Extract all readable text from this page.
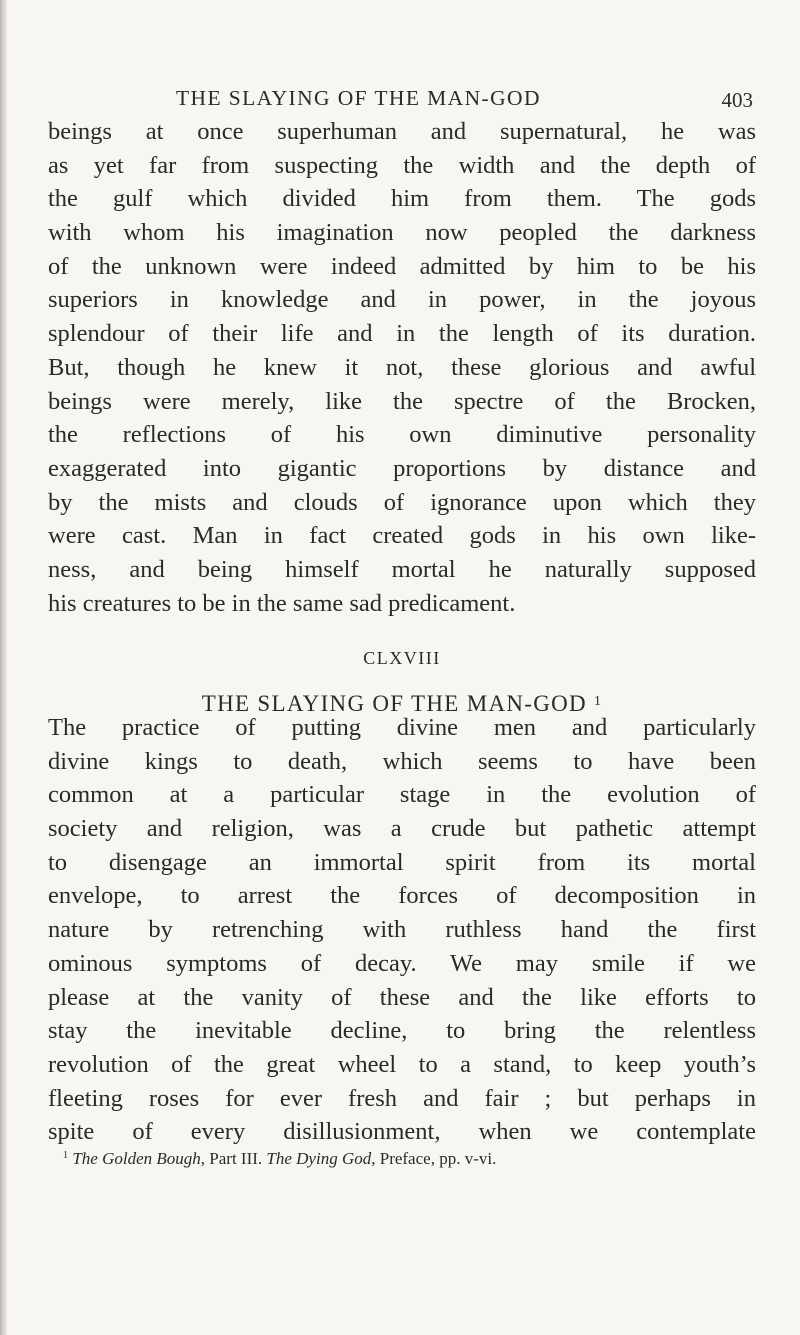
THE SLAYING OF THE MAN-GOD	403
beings at once superhuman and supernatural, he was
as yet far from suspecting the width and the depth of
the gulf which divided him from them. The gods
with whom his imagination now peopled the darkness
of the unknown were indeed admitted by him to be his
superiors in knowledge and in power, in the joyous
splendour of their life and in the length of its duration.
But, though he knew it not, these glorious and awful
beings were merely, like the spectre of the Brocken,
the reflections of his own diminutive personality
exaggerated into gigantic proportions by distance and
by the mists and clouds of ignorance upon which they
were cast. Man in fact created gods in his own like-
ness, and being himself mortal he naturally supposed
his creatures to be in the same sad predicament.
CLXVIII
THE SLAYING OF THE MAN-GOD $^1$
The practice of putting divine men and particularly
divine kings to death, which seems to have been
common at a particular stage in the evolution of
society and religion, was a crude but pathetic attempt
to disengage an immortal spirit from its mortal
envelope, to arrest the forces of decomposition in
nature by retrenching with ruthless hand the first
ominous symptoms of decay. We may smile if we
please at the vanity of these and the like efforts to
stay the inevitable decline, to bring the relentless
revolution of the great wheel to a stand, to keep youth’s
fleeting roses for ever fresh and fair ; but perhaps in
spite of every disillusionment, when we contemplate
$^1$ The Golden Bough, Part III. The Dying God, Preface, pp. v-vi.
